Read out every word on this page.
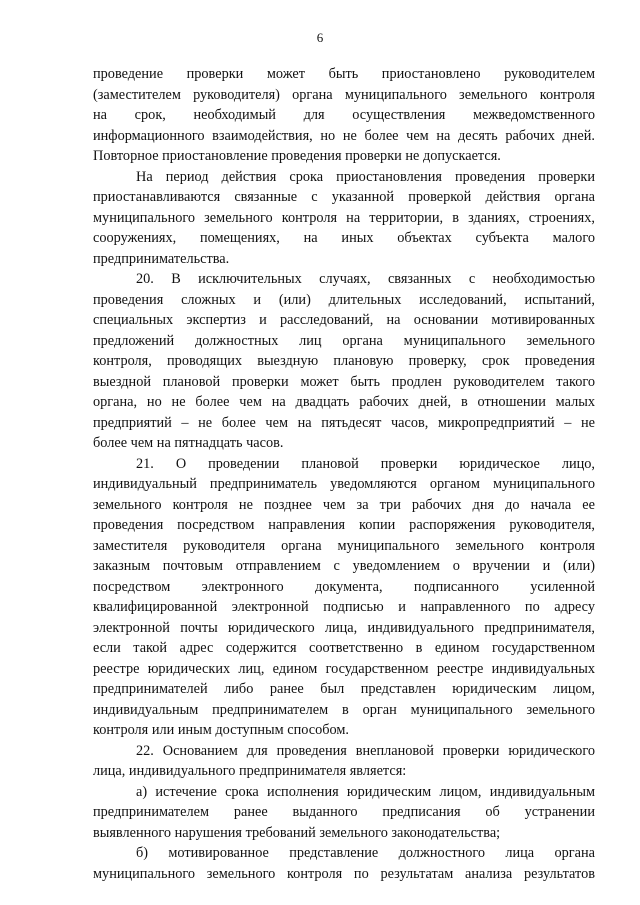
6
проведение проверки может быть приостановлено руководителем
(заместителем руководителя) органа муниципального земельного контроля
на срок, необходимый для осуществления межведомственного
информационного взаимодействия, но не более чем на десять рабочих дней.
Повторное приостановление проведения проверки не допускается.
На период действия срока приостановления проведения проверки
приостанавливаются связанные с указанной проверкой действия органа
муниципального земельного контроля на территории, в зданиях, строениях,
сооружениях, помещениях, на иных объектах субъекта малого
предпринимательства.
20. В исключительных случаях, связанных с необходимостью
проведения сложных и (или) длительных исследований, испытаний,
специальных экспертиз и расследований, на основании мотивированных
предложений должностных лиц органа муниципального земельного
контроля, проводящих выездную плановую проверку, срок проведения
выездной плановой проверки может быть продлен руководителем такого
органа, но не более чем на двадцать рабочих дней, в отношении малых
предприятий – не более чем на пятьдесят часов, микропредприятий – не
более чем на пятнадцать часов.
21. О проведении плановой проверки юридическое лицо,
индивидуальный предприниматель уведомляются органом муниципального
земельного контроля не позднее чем за три рабочих дня до начала ее
проведения посредством направления копии распоряжения руководителя,
заместителя руководителя органа муниципального земельного контроля
заказным почтовым отправлением с уведомлением о вручении и (или)
посредством электронного документа, подписанного усиленной
квалифицированной электронной подписью и направленного по адресу
электронной почты юридического лица, индивидуального предпринимателя,
если такой адрес содержится соответственно в едином государственном
реестре юридических лиц, едином государственном реестре индивидуальных
предпринимателей либо ранее был представлен юридическим лицом,
индивидуальным предпринимателем в орган муниципального земельного
контроля или иным доступным способом.
22. Основанием для проведения внеплановой проверки юридического
лица, индивидуального предпринимателя является:
а) истечение срока исполнения юридическим лицом, индивидуальным
предпринимателем ранее выданного предписания об устранении
выявленного нарушения требований земельного законодательства;
б) мотивированное представление должностного лица органа
муниципального земельного контроля по результатам анализа результатов
